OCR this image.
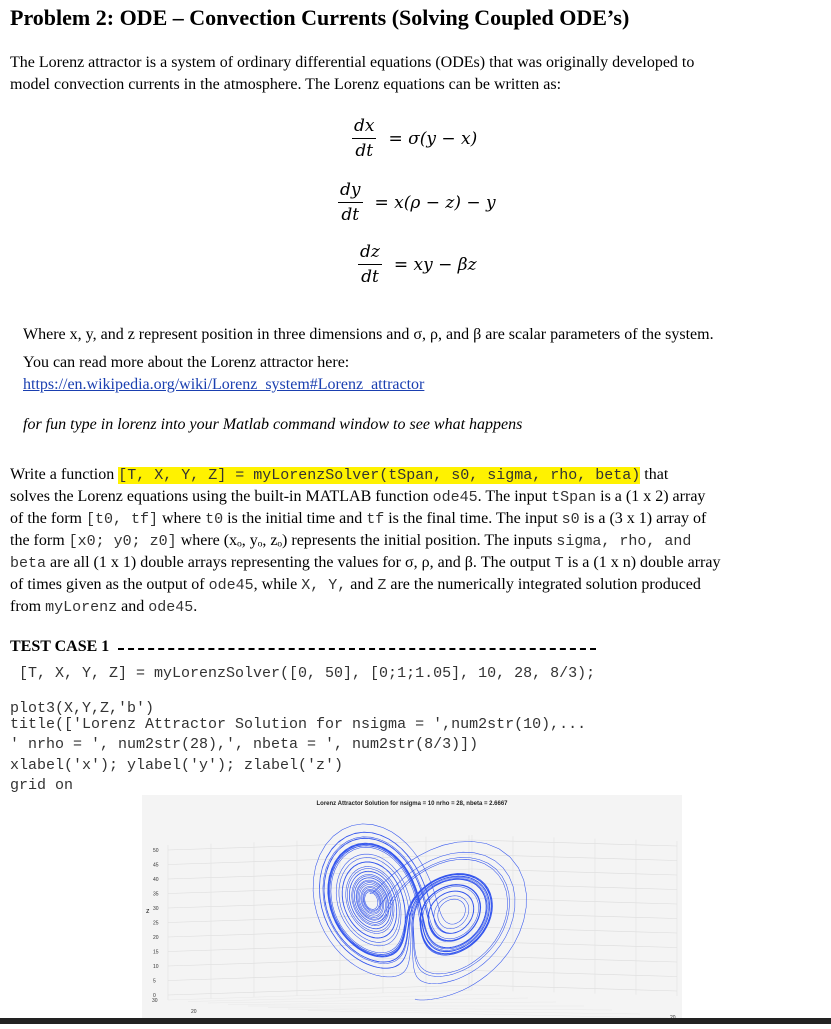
Problem 2: ODE – Convection Currents (Solving Coupled ODE’s)
The Lorenz attractor is a system of ordinary differential equations (ODEs) that was originally developed to
model convection currents in the atmosphere. The Lorenz equations can be written as:
$\frac{dx}{dt} = \sigma(y - x)$
$\frac{dy}{dt} = x(\rho - z) - y$
$\frac{dz}{dt}$ = xy − βz
Where x, y, and z represent position in three dimensions and σ, ρ, and β are scalar parameters of the system.
You can read more about the Lorenz attractor here:
https://en.wikipedia.org/wiki/Lorenz_system#Lorenz_attractor
for fun type in lorenz into your Matlab command window to see what happens
Write a function [T, X, Y, Z] = myLorenzSolver(tSpan, s0, sigma, rho, beta) that
solves the Lorenz equations using the built-in MATLAB function ode45. The input tSpan is a (1 x 2) array
of the form [t0, tf] where t0 is the initial time and tf is the final time. The input s0 is a (3 x 1) array of
the form [x0; y0; z0] where (xₒ, yₒ, zₒ) represents the initial position. The inputs sigma, rho, and
beta are all (1 x 1) double arrays representing the values for σ, ρ, and β. The output T is a (1 x n) double array
of times given as the output of ode45, while X, Y, and Z are the numerically integrated solution produced
from myLorenz and ode45.
TEST CASE 1
[T, X, Y, Z] = myLorenzSolver([0, 50], [0;1;1.05], 10, 28, 8/3);
plot3(X,Y,Z,'b')
title(['Lorenz Attractor Solution for nsigma = ',num2str(10),...
' nrho = ', num2str(28),', nbeta = ', num2str(8/3)])
xlabel('x'); ylabel('y'); zlabel('z')
grid on
Lorenz Attractor Solution for nsigma = 10 nrho = 28, nbeta = 2.6667
z
50
45
40
35
30
25
20
15
10
5
0
20
30
